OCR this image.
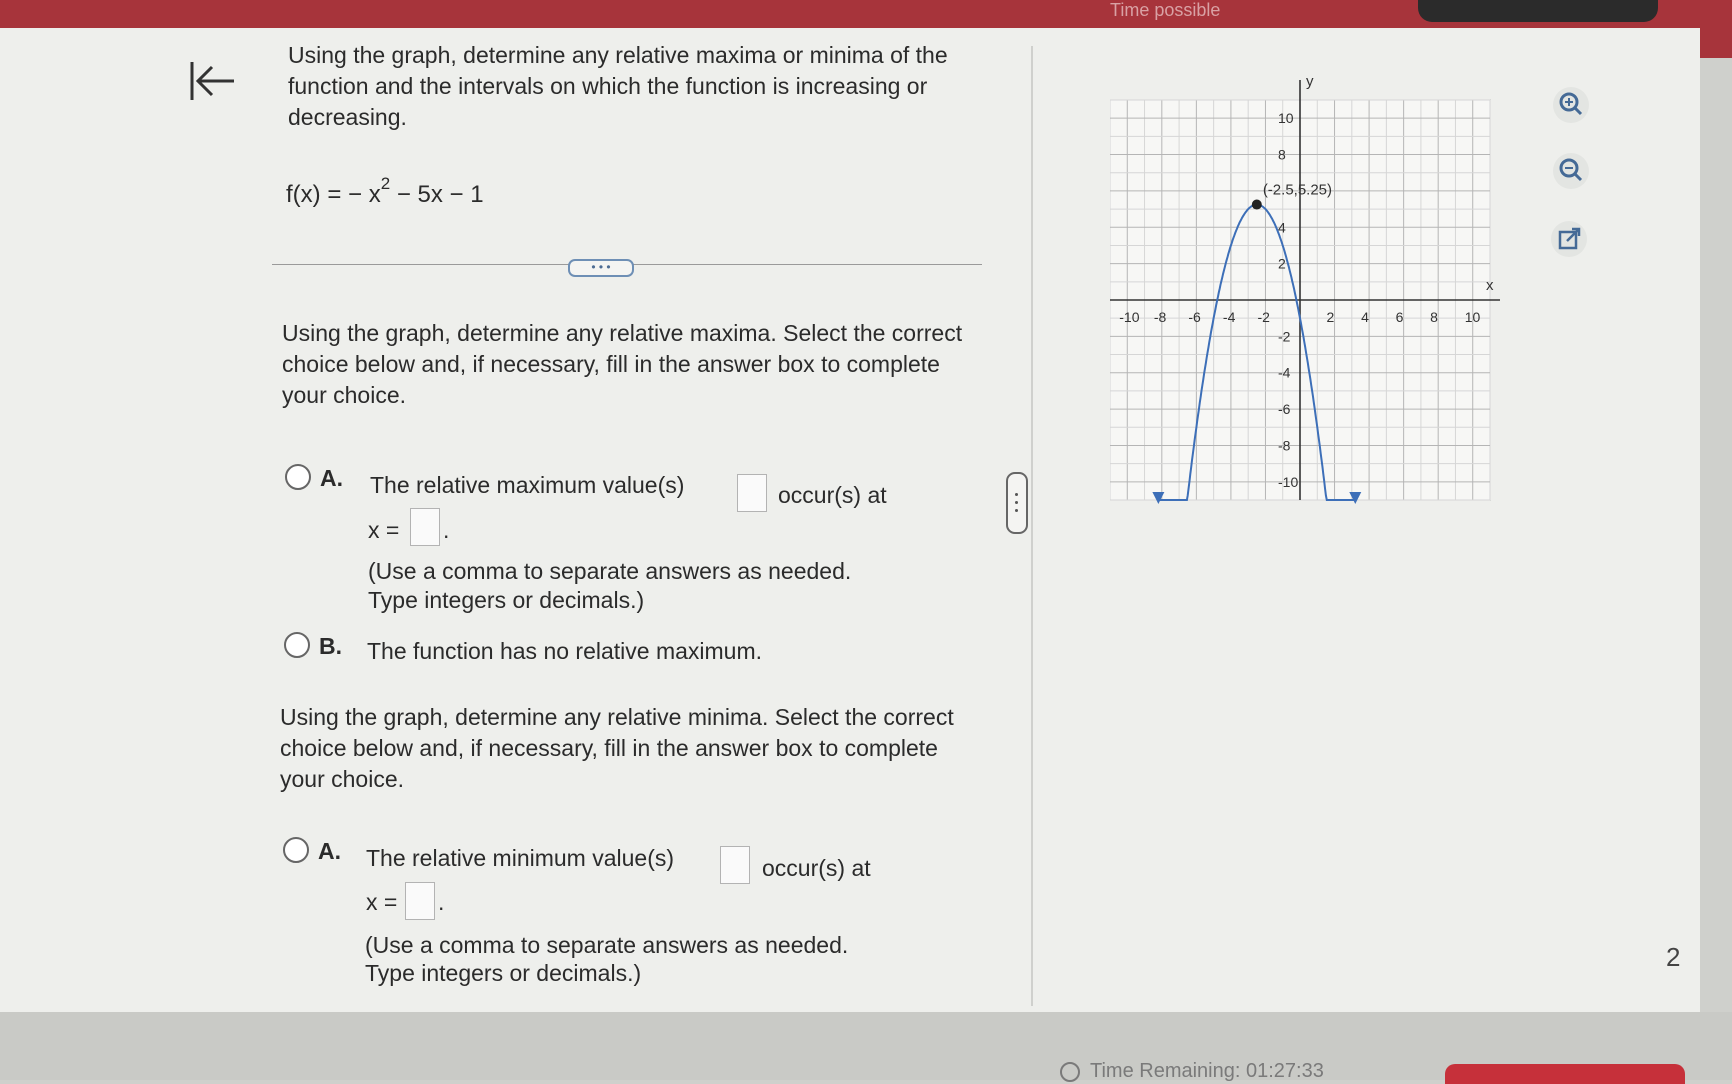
Time possible
Using the graph, determine any relative maxima or minima of the function and the intervals on which the function is increasing or decreasing.
f(x) = − $x^2 - 5x - 1$
• • •
Using the graph, determine any relative maxima. Select the correct choice below and, if necessary, fill in the answer box to complete your choice.
A. The relative maximum value(s)	occur(s) at
x = .
(Use a comma to separate answers as needed.
Type integers or decimals.)
B. The function has no relative maximum.
Using the graph, determine any relative minima. Select the correct choice below and, if necessary, fill in the answer box to complete your choice.
A. The relative minimum value(s)	occur(s) at
x = .
(Use a comma to separate answers as needed.
Type integers or decimals.)
-10 -8 -6 -4 -2	2 4 6 8 10
10
8
4
2
-2
-4
-6
-8
-10
(-2.5,5.25)
y
x
2
Time Remaining: 01:27:33
